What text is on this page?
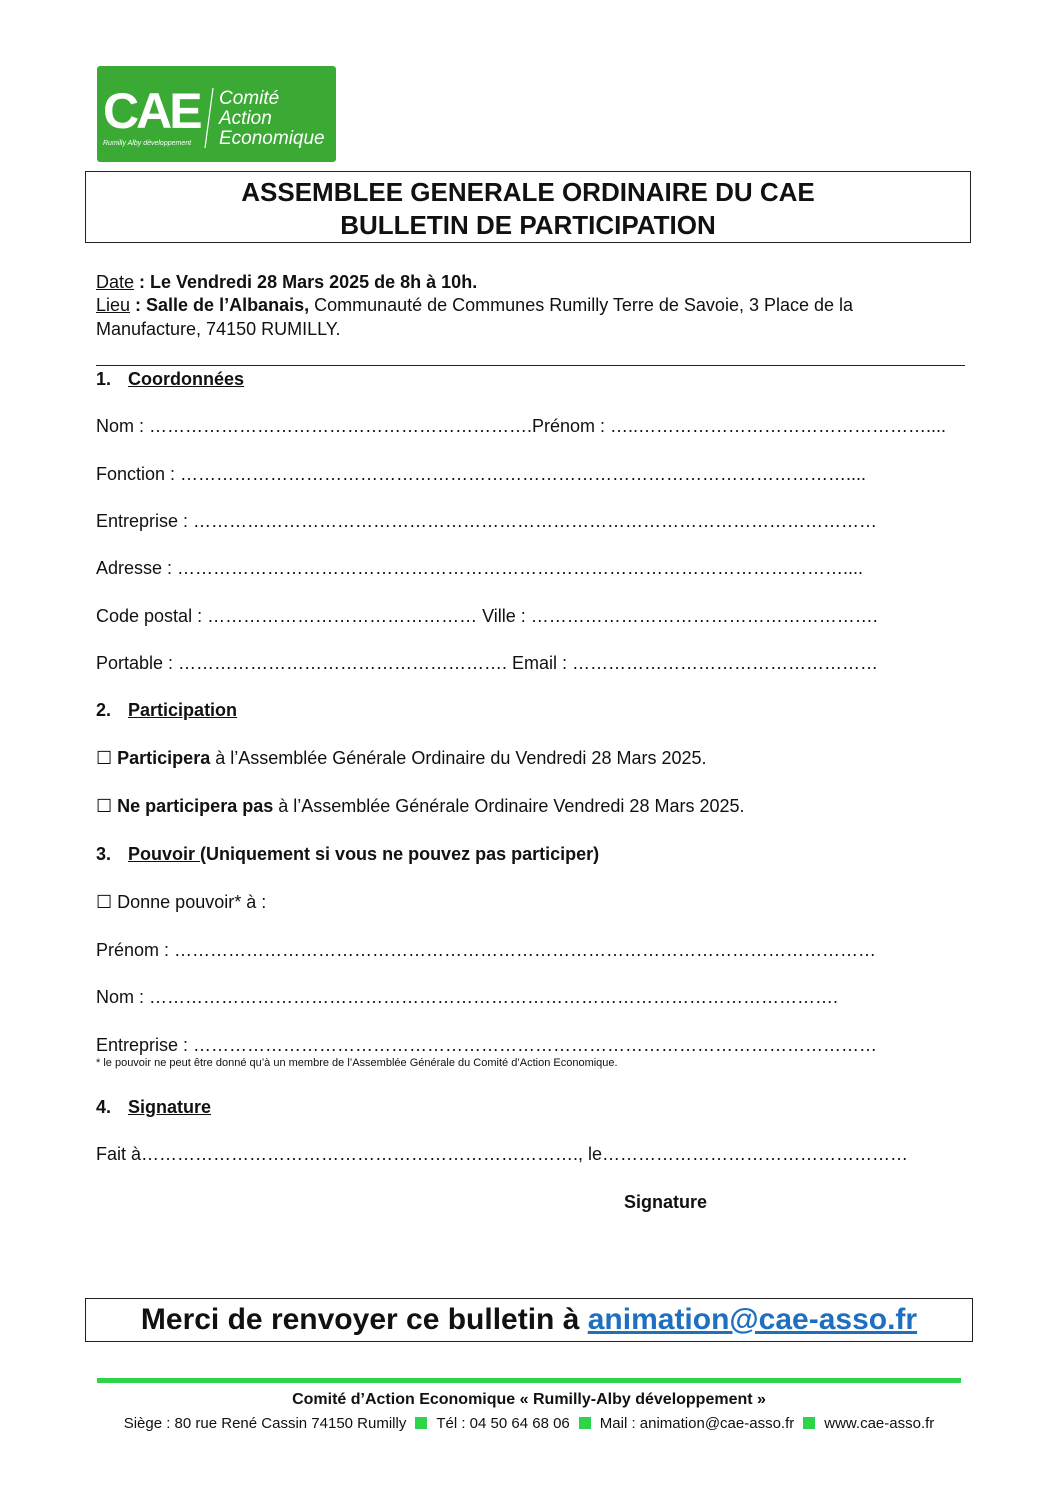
CAE
Rumilly Alby développement
Comité
Action
Economique
ASSEMBLEE GENERALE ORDINAIRE DU CAE
BULLETIN DE PARTICIPATION
Date : Le Vendredi 28 Mars 2025 de 8h à 10h.
Lieu : Salle de l’Albanais, Communauté de Communes Rumilly Terre de Savoie, 3 Place de la
Manufacture, 74150 RUMILLY.
1. Coordonnées
Nom : ……………………………………………………….Prénom : …..…………………………………………....
Fonction : …………………………………………………………………………………………………....
Entreprise : ……………………………………………………………………………………………………
Adresse : …………………………………………………………………………………………………....
Code postal : ……………………………………… Ville : ………………………………………………….
Portable : ………………………………………………. Email : ……………………………………………
2. Participation
☐ Participera à l’Assemblée Générale Ordinaire du Vendredi 28 Mars 2025.
☐ Ne participera pas à l’Assemblée Générale Ordinaire Vendredi 28 Mars 2025.
3. Pouvoir (Uniquement si vous ne pouvez pas participer)
☐ Donne pouvoir* à :
Prénom : ………………………………………………………………………………………………………
Nom : …………………………………………………………………………………………………….
Entreprise : ……………………………………………………………………………………………………
* le pouvoir ne peut être donné qu’à un membre de l’Assemblée Générale du Comité d’Action Economique.
4. Signature
Fait à………………………………………………………………., le……………………………………………
Signature
Merci de renvoyer ce bulletin à animation@cae-asso.fr
Comité d’Action Economique « Rumilly-Alby développement »
Siège : 80 rue René Cassin 74150 Rumilly Tél : 04 50 64 68 06 Mail : animation@cae-asso.fr www.cae-asso.fr
